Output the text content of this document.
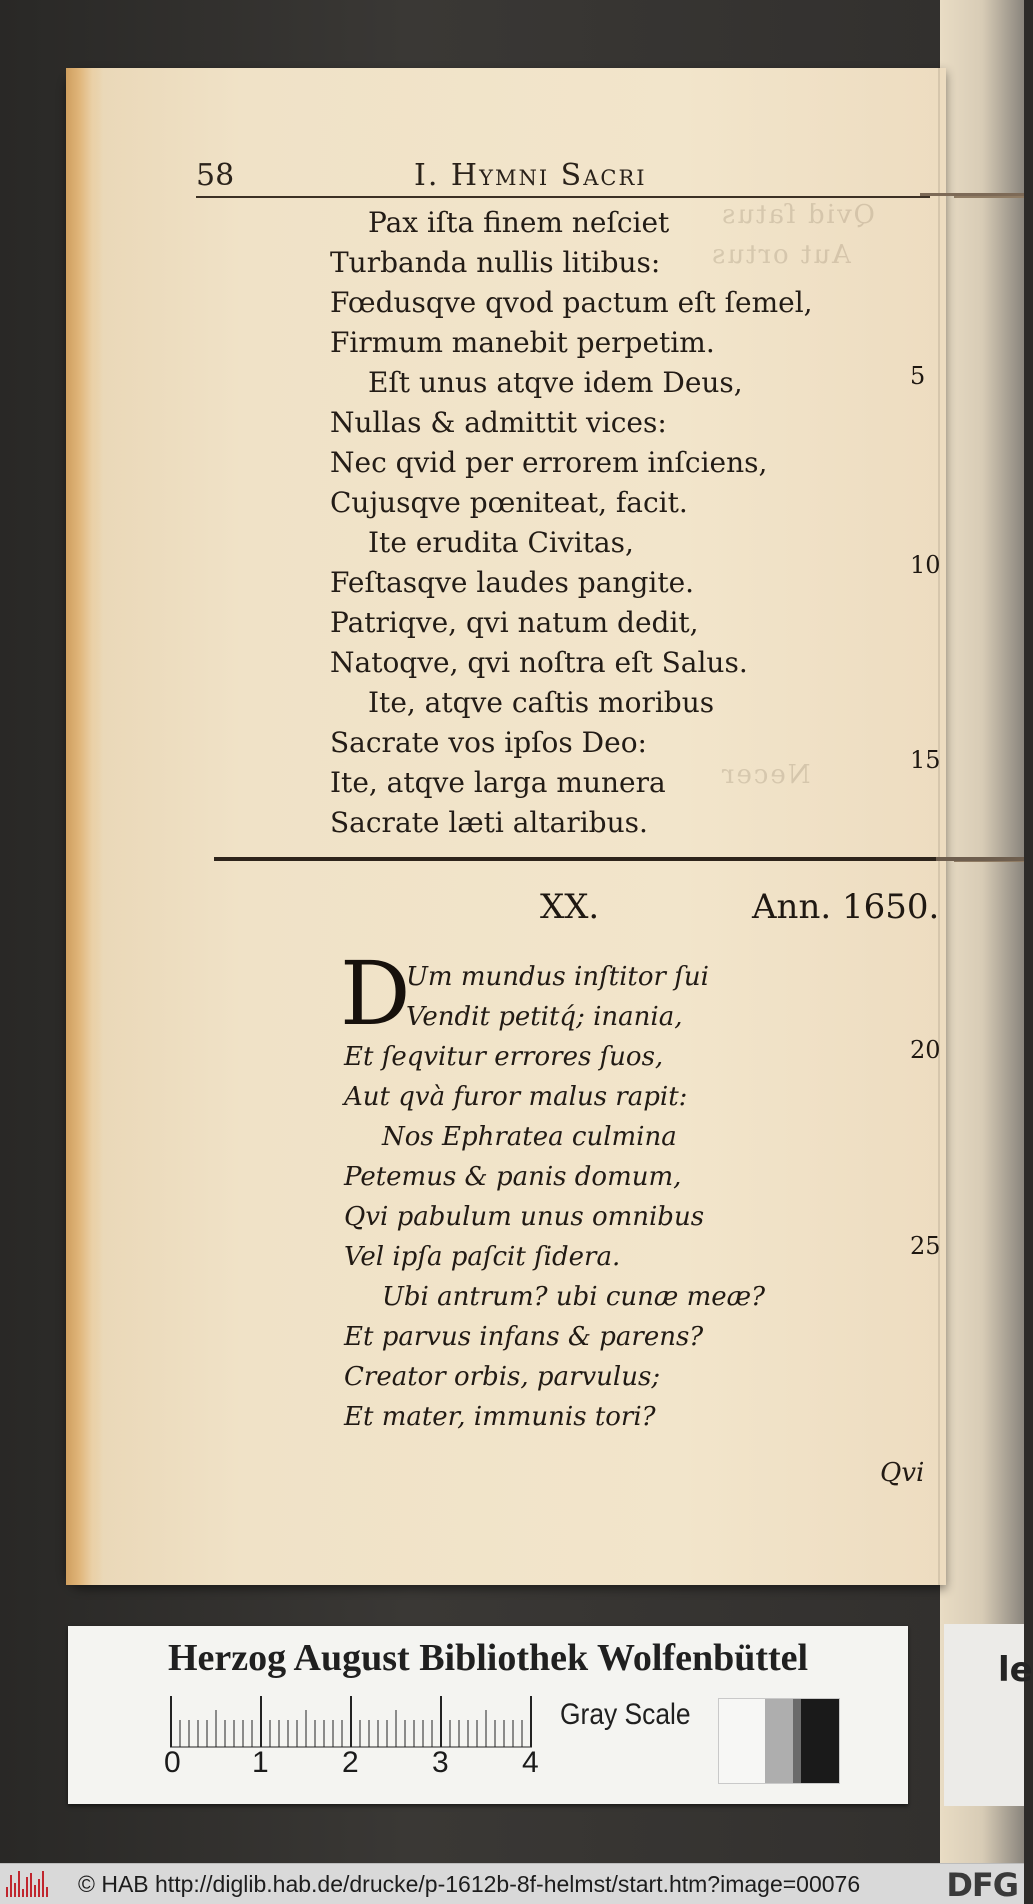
Qvid ſatus
Aut ortus
Necer
58	I. Hymni Sacri
Pax iſta finem neſciet
Turbanda nullis litibus:
Fœdusqve qvod pactum eſt ſemel,
Firmum manebit perpetim.
Eſt unus atqve idem Deus,
Nullas & admittit vices:
Nec qvid per errorem inſciens,
Cujusqve pœniteat, facit.
Ite erudita Civitas,
Feſtasqve laudes pangite.
Patriqve, qvi natum dedit,
Natoqve, qvi noſtra eſt Salus.
Ite, atqve caſtis moribus
Sacrate vos ipſos Deo:
Ite, atqve larga munera
Sacrate læti altaribus.
5
10
15
XX.	Ann. 1650.
D
Um mundus inſtitor ſui
Vendit petitq́; inania,
Et ſeqvitur errores ſuos,
Aut qvà furor malus rapit:
Nos Ephratea culmina
Petemus & panis domum,
Qvi pabulum unus omnibus
Vel ipſa paſcit ſidera.
Ubi antrum? ubi cunæ meæ?
Et parvus infans & parens?
Creator orbis, parvulus;
Et mater, immunis tori?
20
25
Qvi
Herzog August Bibliothek Wolfenbüttel
0 1 2 3 4
Gray Scale
le
© HAB http://diglib.hab.de/drucke/p-1612b-8f-helmst/start.htm?image=00076	DFG
